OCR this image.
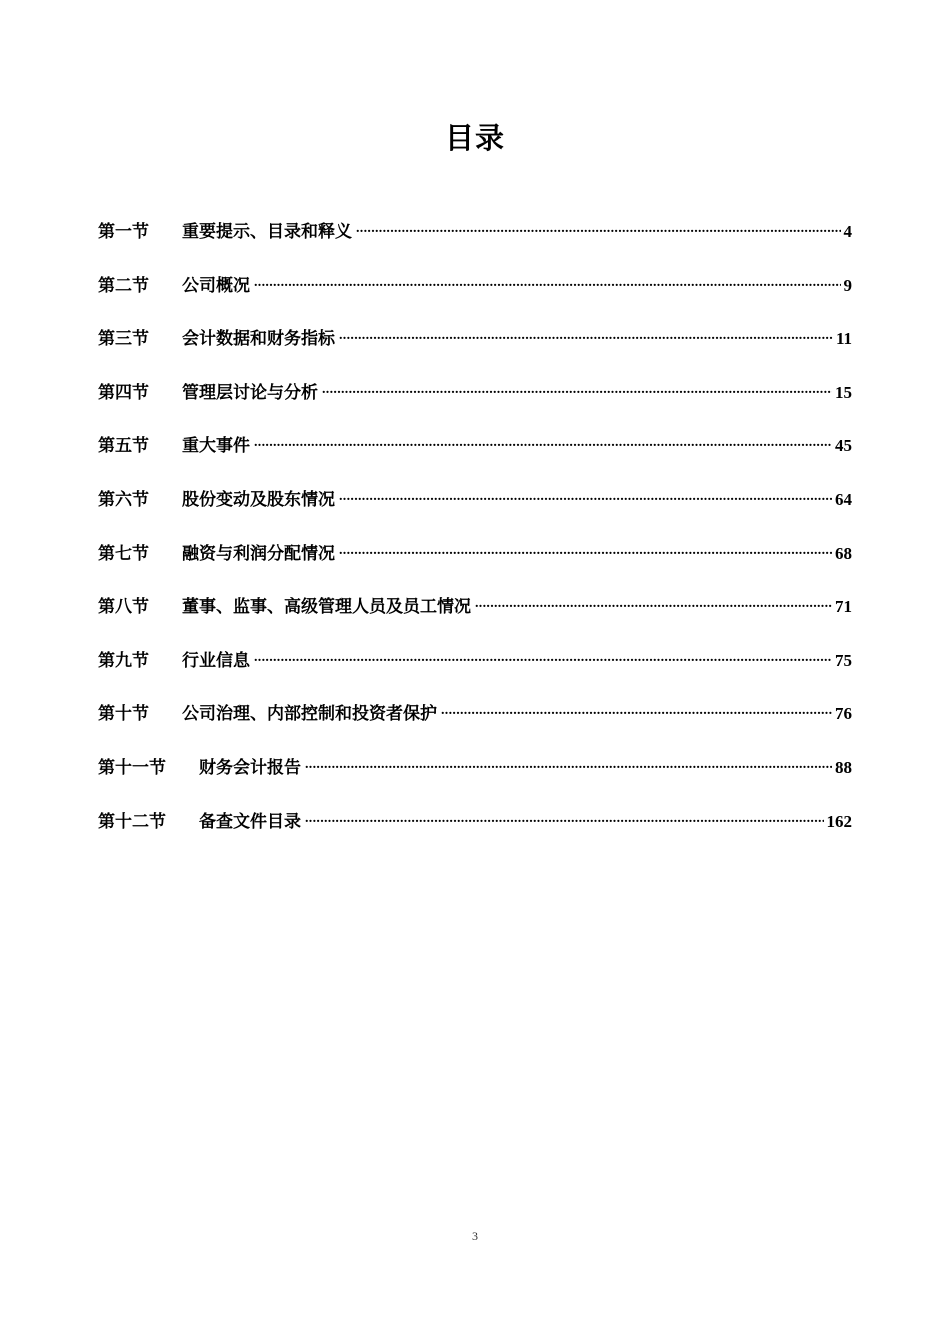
目录
第一节	重要提示、目录和释义 .....	4
第二节	公司概况 .....	9
第三节	会计数据和财务指标 .....	11
第四节	管理层讨论与分析 .....	15
第五节	重大事件 .....	45
第六节	股份变动及股东情况 .....	64
第七节	融资与利润分配情况 .....	68
第八节	董事、监事、高级管理人员及员工情况 .....	71
第九节	行业信息 .....	75
第十节	公司治理、内部控制和投资者保护 .....	76
第十一节	财务会计报告 .....	88
第十二节	备查文件目录 .....	162
3
